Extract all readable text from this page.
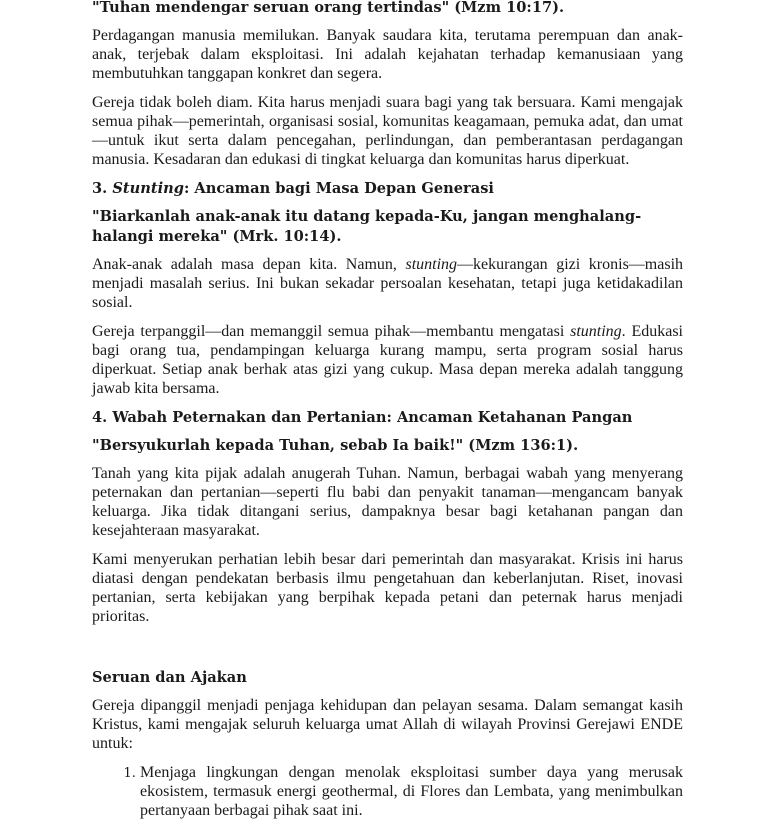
"Tuhan mendengar seruan orang tertindas" (Mzm 10:17).

Perdagangan manusia memilukan. Banyak saudara kita, terutama perempuan dan anak-anak, terjebak dalam eksploitasi. Ini adalah kejahatan terhadap kemanusiaan yang membutuhkan tanggapan konkret dan segera.

Gereja tidak boleh diam. Kita harus menjadi suara bagi yang tak bersuara. Kami mengajak semua pihak—pemerintah, organisasi sosial, komunitas keagamaan, pemuka adat, dan umat—untuk ikut serta dalam pencegahan, perlindungan, dan pemberantasan perdagangan manusia. Kesadaran dan edukasi di tingkat keluarga dan komunitas harus diperkuat.

3. Stunting: Ancaman bagi Masa Depan Generasi
"Biarkanlah anak-anak itu datang kepada-Ku, jangan menghalang-halangi mereka" (Mrk. 10:14).

Anak-anak adalah masa depan kita. Namun, stunting—kekurangan gizi kronis—masih menjadi masalah serius. Ini bukan sekadar persoalan kesehatan, tetapi juga ketidakadilan sosial.

Gereja terpanggil—dan memanggil semua pihak—membantu mengatasi stunting. Edukasi bagi orang tua, pendampingan keluarga kurang mampu, serta program sosial harus diperkuat. Setiap anak berhak atas gizi yang cukup. Masa depan mereka adalah tanggung jawab kita bersama.

4. Wabah Peternakan dan Pertanian: Ancaman Ketahanan Pangan
"Bersyukurlah kepada Tuhan, sebab Ia baik!" (Mzm 136:1).

Tanah yang kita pijak adalah anugerah Tuhan. Namun, berbagai wabah yang menyerang peternakan dan pertanian—seperti flu babi dan penyakit tanaman—mengancam banyak keluarga. Jika tidak ditangani serius, dampaknya besar bagi ketahanan pangan dan kesejahteraan masyarakat.

Kami menyerukan perhatian lebih besar dari pemerintah dan masyarakat. Krisis ini harus diatasi dengan pendekatan berbasis ilmu pengetahuan dan keberlanjutan. Riset, inovasi pertanian, serta kebijakan yang berpihak kepada petani dan peternak harus menjadi prioritas.

Seruan dan Ajakan

Gereja dipanggil menjadi penjaga kehidupan dan pelayan sesama. Dalam semangat kasih Kristus, kami mengajak seluruh keluarga umat Allah di wilayah Provinsi Gerejawi ENDE untuk:

1. Menjaga lingkungan dengan menolak eksploitasi sumber daya yang merusak ekosistem, termasuk energi geothermal, di Flores dan Lembata, yang menimbulkan pertanyaan berbagai pihak saat ini.
